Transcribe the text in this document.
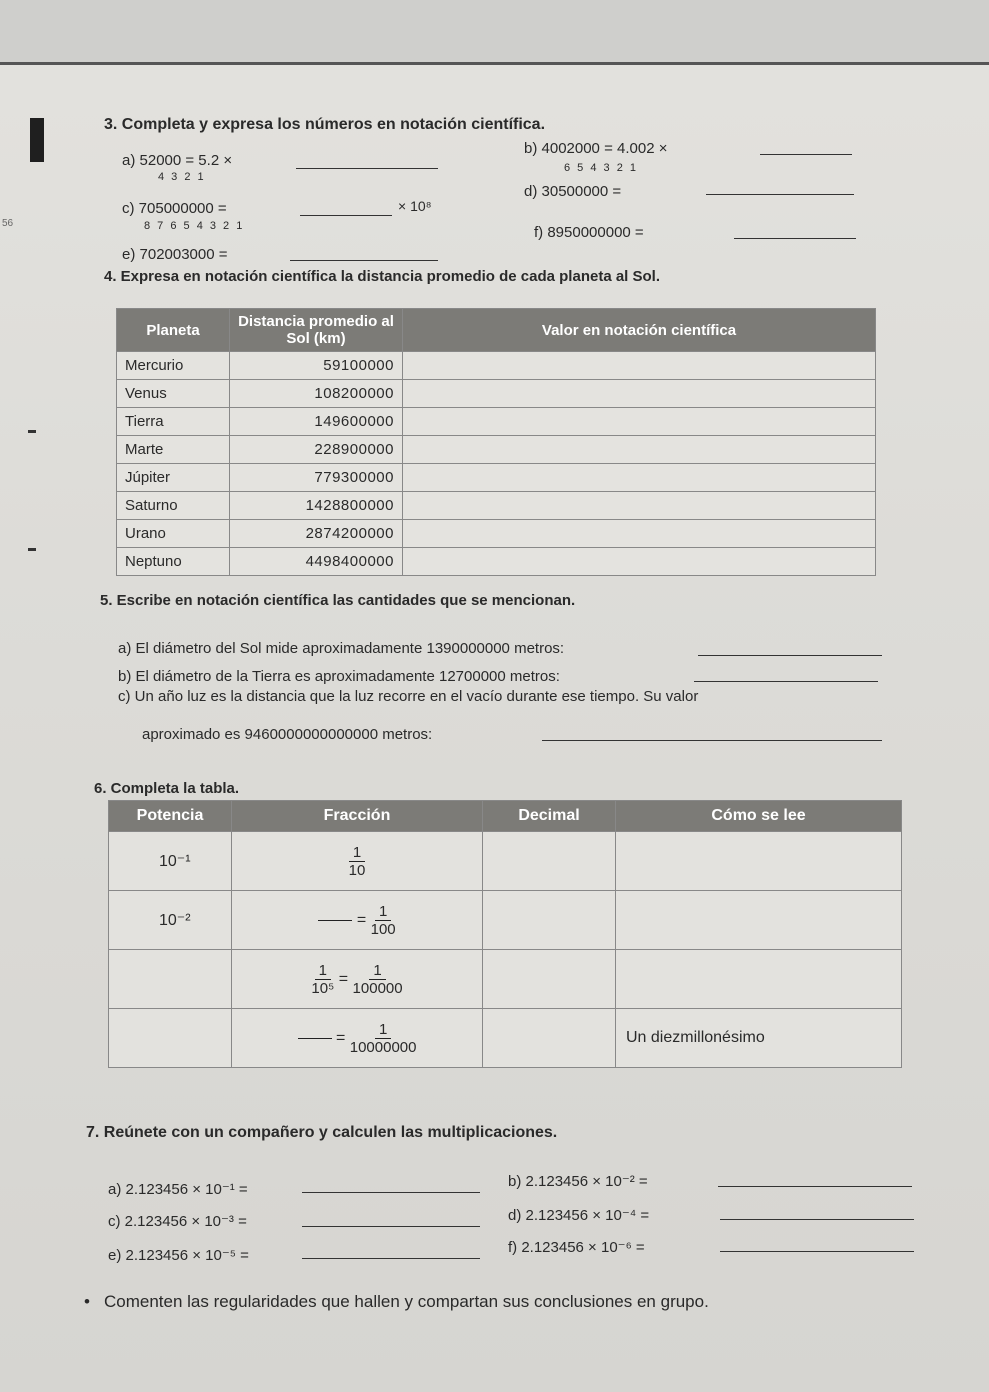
56
3. Completa y expresa los números en notación científica.
a) 52000 = 5.2 ×
4 3 2 1
b) 4002000 = 4.002 ×
6 5 4 3 2 1
c) 705000000 =	× 10⁸
8 7 6 5 4 3 2 1
d) 30500000 =
e) 702003000 =
f) 8950000000 =
4. Expresa en notación científica la distancia promedio de cada planeta al Sol.
Planeta	Distancia promedio al Sol (km)	Valor en notación científica
Mercurio	59100000	
Venus	108200000	
Tierra	149600000	
Marte	228900000	
Júpiter	779300000	
Saturno	1428800000	
Urano	2874200000	
Neptuno	4498400000	
5. Escribe en notación científica las cantidades que se mencionan.
a) El diámetro del Sol mide aproximadamente 1390000000 metros:
b) El diámetro de la Tierra es aproximadamente 12700000 metros:
c) Un año luz es la distancia que la luz recorre en el vacío durante ese tiempo. Su valor
aproximado es 9460000000000000 metros:
6. Completa la tabla.
Potencia	Fracción	Decimal	Cómo se lee
10⁻¹	$\frac{1}{10}$

10⁻²	= $\frac{1}{100}$

	$\frac{1}{\text{10⁵}} = \frac{1}{100000}$

	= $\frac{1}{10000000}$		Un diezmillonésimo
7. Reúnete con un compañero y calculen las multiplicaciones.
a) 2.123456 × 10⁻¹ =	b) 2.123456 × 10⁻² =
c) 2.123456 × 10⁻³ =	d) 2.123456 × 10⁻⁴ =
e) 2.123456 × 10⁻⁵ =	f) 2.123456 × 10⁻⁶ =
• Comenten las regularidades que hallen y compartan sus conclusiones en grupo.
